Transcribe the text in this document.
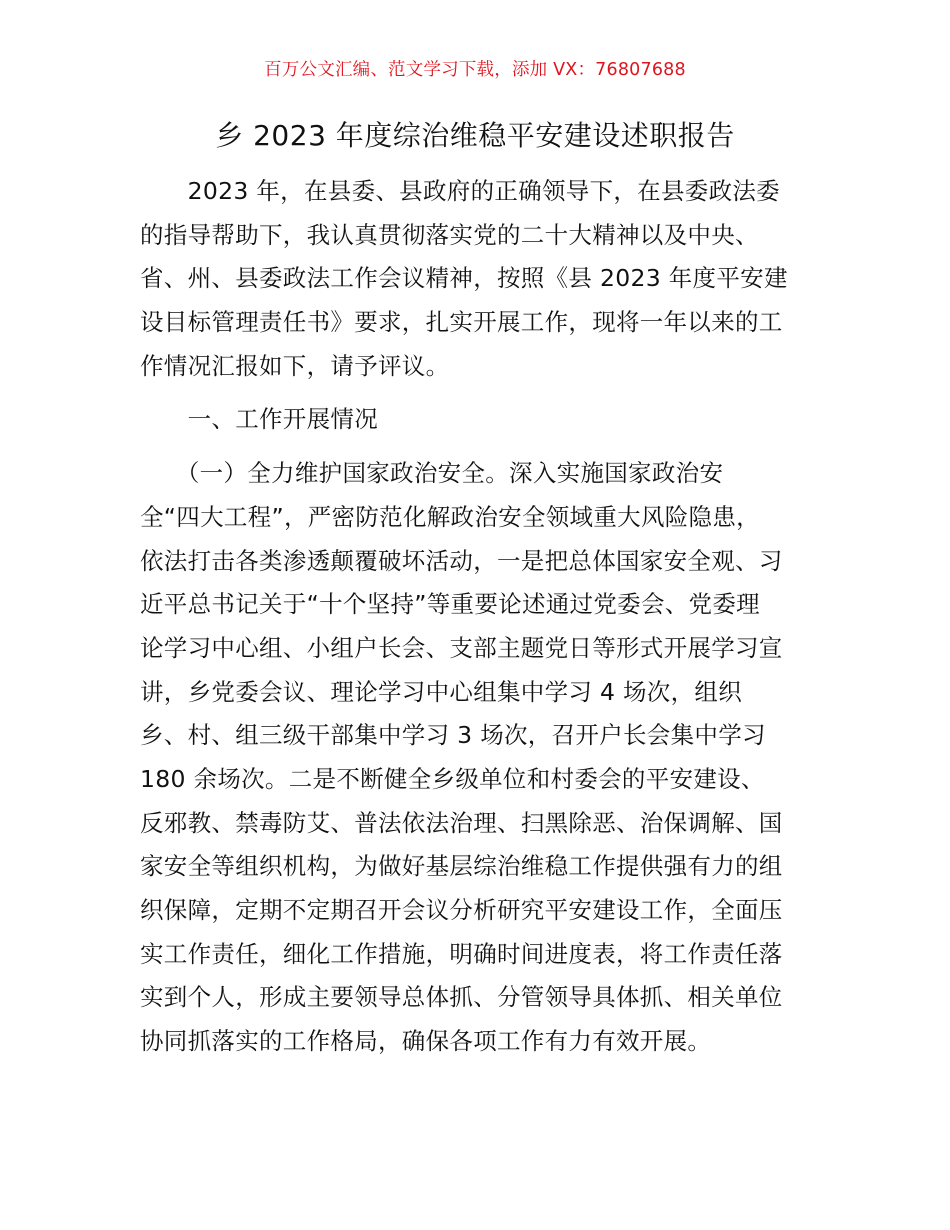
百万公文汇编、范文学习下载，添加 VX：76807688
乡 2023 年度综治维稳平安建设述职报告
　　2023 年，在县委、县政府的正确领导下，在县委政法委
的指导帮助下，我认真贯彻落实党的二十大精神以及中央、
省、州、县委政法工作会议精神，按照《县 2023 年度平安建
设目标管理责任书》要求，扎实开展工作，现将一年以来的工
作情况汇报如下，请予评议。
　　一、工作开展情况
　　（一）全力维护国家政治安全。深入实施国家政治安
全“四大工程”，严密防范化解政治安全领域重大风险隐患，
依法打击各类渗透颠覆破坏活动，一是把总体国家安全观、习
近平总书记关于“十个坚持”等重要论述通过党委会、党委理
论学习中心组、小组户长会、支部主题党日等形式开展学习宣
讲，乡党委会议、理论学习中心组集中学习 4 场次，组织
乡、村、组三级干部集中学习 3 场次，召开户长会集中学习
180 余场次。二是不断健全乡级单位和村委会的平安建设、
反邪教、禁毒防艾、普法依法治理、扫黑除恶、治保调解、国
家安全等组织机构，为做好基层综治维稳工作提供强有力的组
织保障，定期不定期召开会议分析研究平安建设工作，全面压
实工作责任，细化工作措施，明确时间进度表，将工作责任落
实到个人，形成主要领导总体抓、分管领导具体抓、相关单位
协同抓落实的工作格局，确保各项工作有力有效开展。
